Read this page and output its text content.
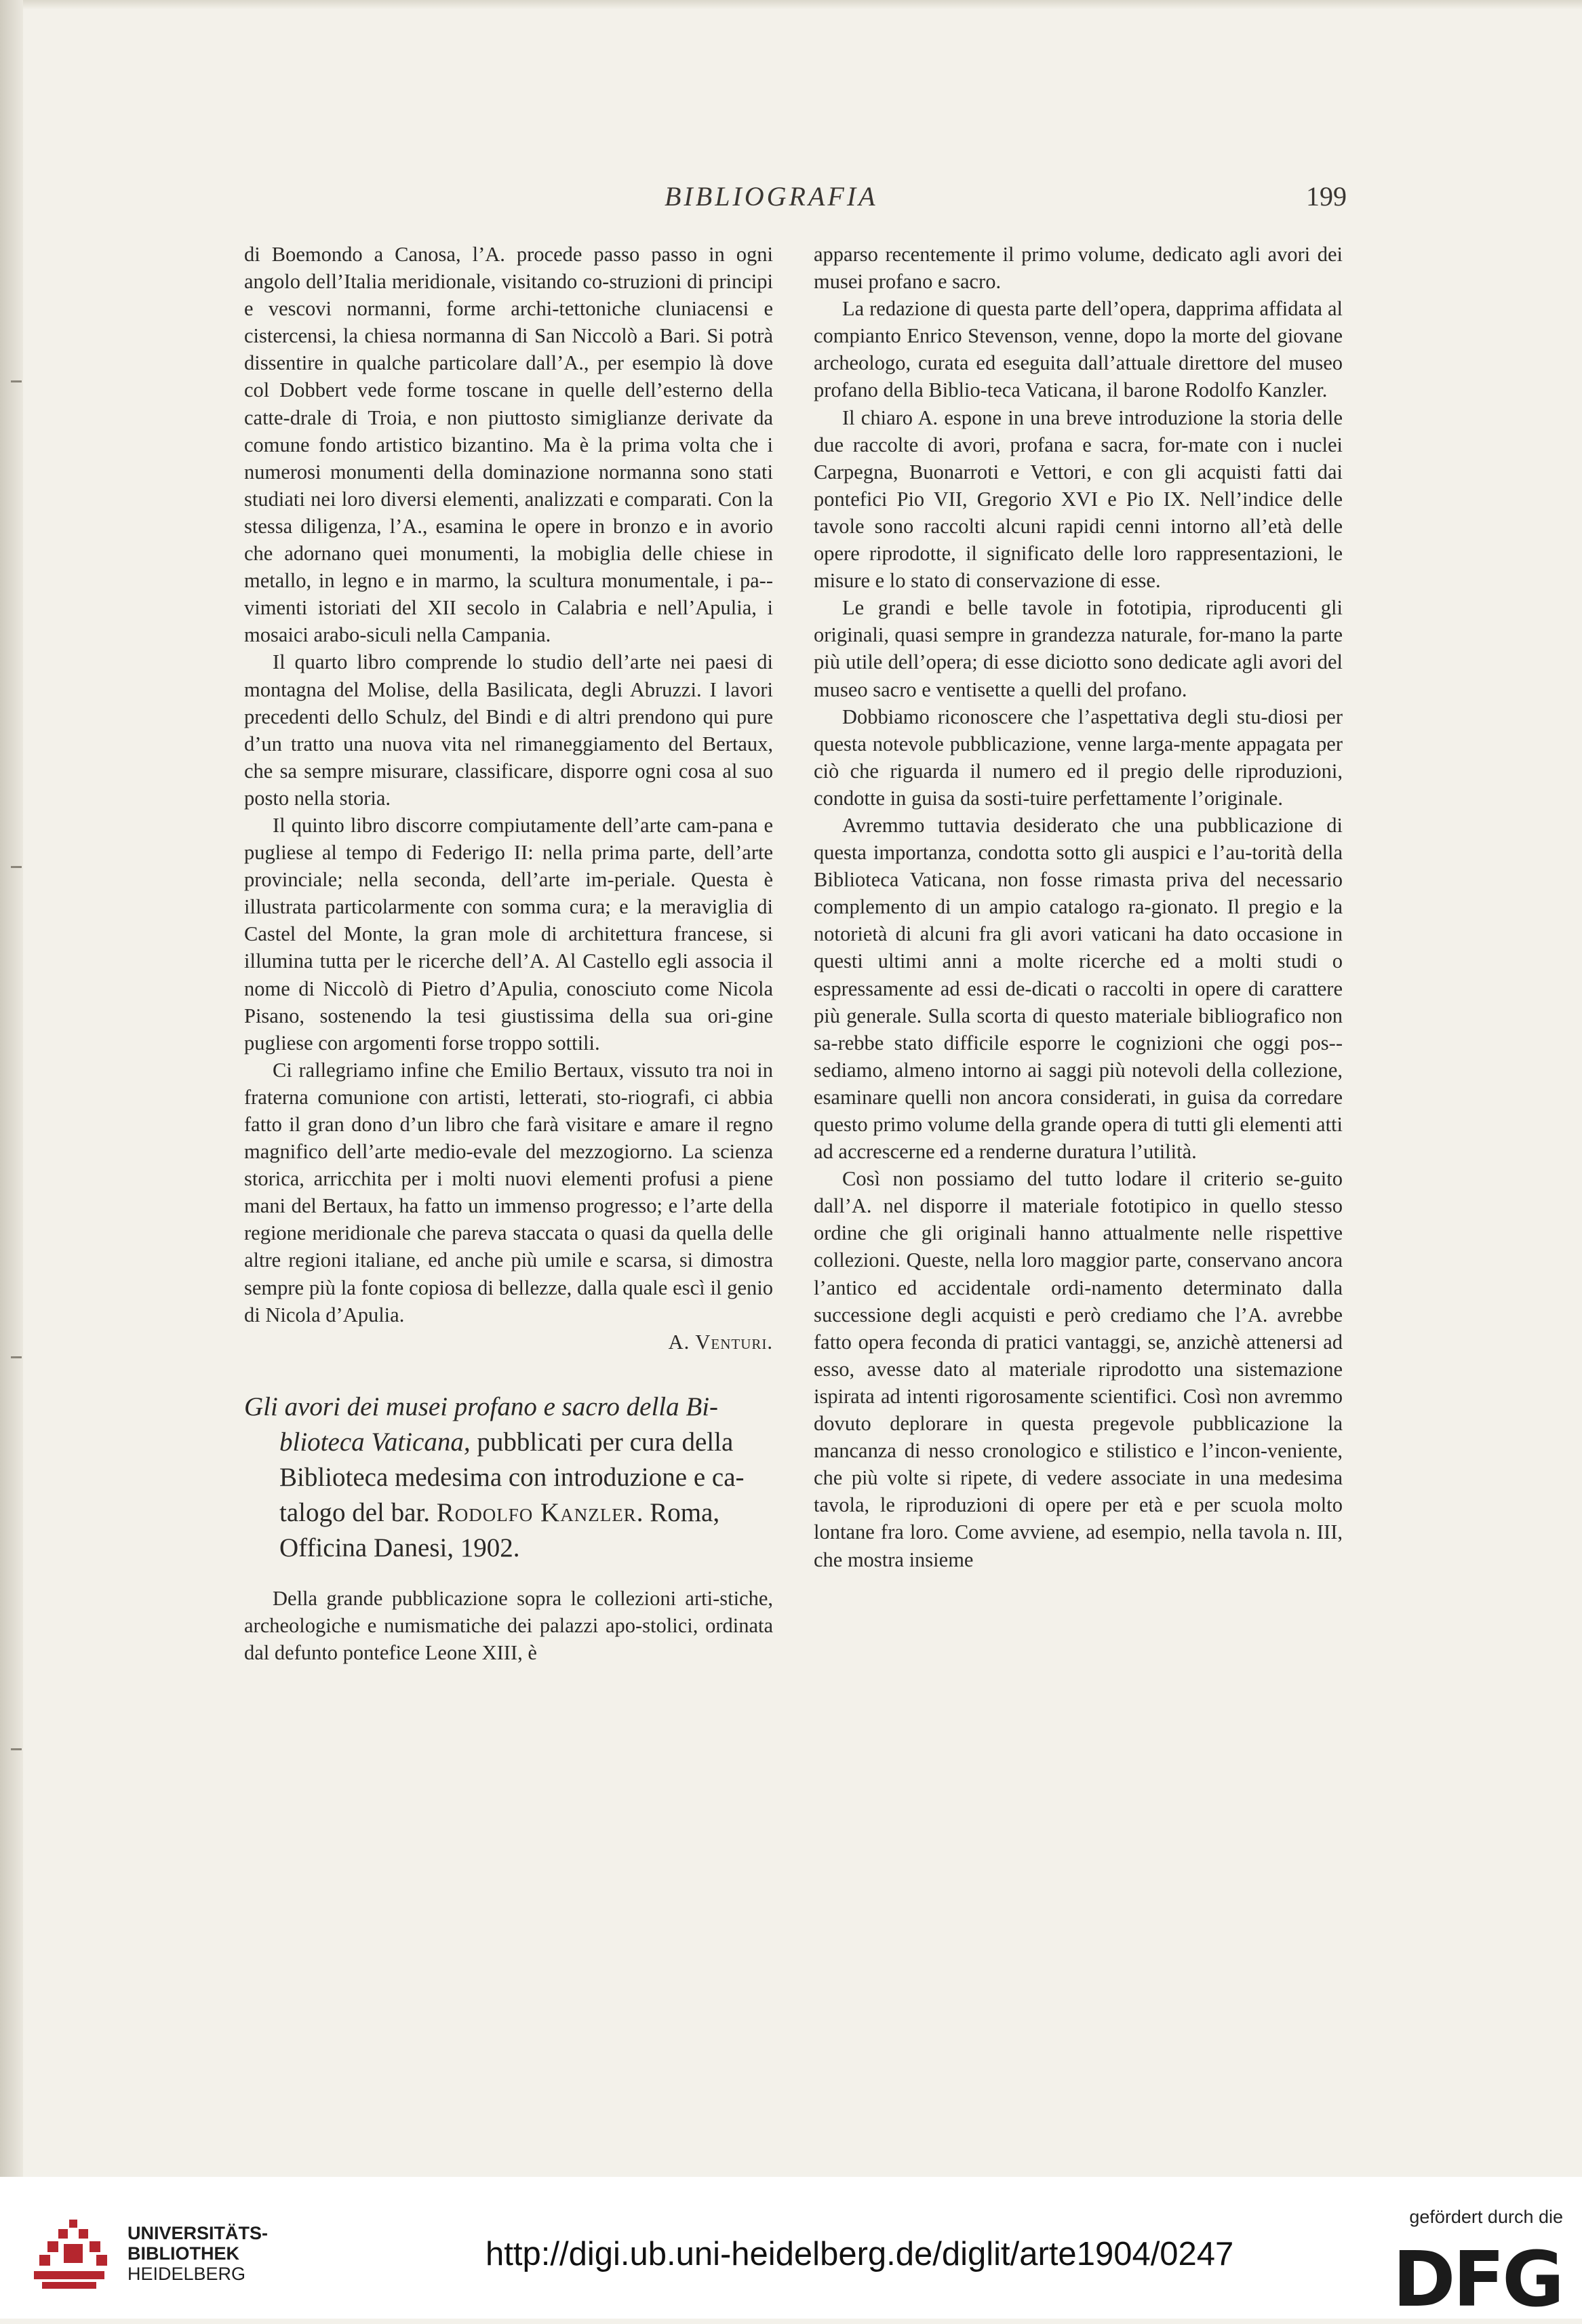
BIBLIOGRAFIA	199

di Boemondo a Canosa, l’A. procede passo passo in ogni angolo dell’Italia meridionale, visitando co-struzioni di principi e vescovi normanni, forme archi-tettoniche cluniacensi e cistercensi, la chiesa normanna di San Niccolò a Bari. Si potrà dissentire in qualche particolare dall’A., per esempio là dove col Dobbert vede forme toscane in quelle dell’esterno della catte-drale di Troia, e non piuttosto simiglianze derivate da comune fondo artistico bizantino. Ma è la prima volta che i numerosi monumenti della dominazione normanna sono stati studiati nei loro diversi elementi, analizzati e comparati. Con la stessa diligenza, l’A., esamina le opere in bronzo e in avorio che adornano quei monumenti, la mobiglia delle chiese in metallo, in legno e in marmo, la scultura monumentale, i pa-vimenti istoriati del XII secolo in Calabria e nell’Apulia, i mosaici arabo-siculi nella Campania.

Il quarto libro comprende lo studio dell’arte nei paesi di montagna del Molise, della Basilicata, degli Abruzzi. I lavori precedenti dello Schulz, del Bindi e di altri prendono qui pure d’un tratto una nuova vita nel rimaneggiamento del Bertaux, che sa sempre misurare, classificare, disporre ogni cosa al suo posto nella storia.

Il quinto libro discorre compiutamente dell’arte cam-pana e pugliese al tempo di Federigo II: nella prima parte, dell’arte provinciale; nella seconda, dell’arte im-periale. Questa è illustrata particolarmente con somma cura; e la meraviglia di Castel del Monte, la gran mole di architettura francese, si illumina tutta per le ricerche dell’A. Al Castello egli associa il nome di Niccolò di Pietro d’Apulia, conosciuto come Nicola Pisano, sostenendo la tesi giustissima della sua ori-gine pugliese con argomenti forse troppo sottili.

Ci rallegriamo infine che Emilio Bertaux, vissuto tra noi in fraterna comunione con artisti, letterati, sto-riografi, ci abbia fatto il gran dono d’un libro che farà visitare e amare il regno magnifico dell’arte medio-evale del mezzogiorno. La scienza storica, arricchita per i molti nuovi elementi profusi a piene mani del Bertaux, ha fatto un immenso progresso; e l’arte della regione meridionale che pareva staccata o quasi da quella delle altre regioni italiane, ed anche più umile e scarsa, si dimostra sempre più la fonte copiosa di bellezze, dalla quale escì il genio di Nicola d’Apulia.

A. Venturi.

Gli avori dei musei profano e sacro della Bi-
blioteca Vaticana, pubblicati per cura della
Biblioteca medesima con introduzione e ca-
talogo del bar. Rodolfo Kanzler. Roma,
Officina Danesi, 1902.

Della grande pubblicazione sopra le collezioni arti-stiche, archeologiche e numismatiche dei palazzi apo-stolici, ordinata dal defunto pontefice Leone XIII, è

apparso recentemente il primo volume, dedicato agli avori dei musei profano e sacro.

La redazione di questa parte dell’opera, dapprima affidata al compianto Enrico Stevenson, venne, dopo la morte del giovane archeologo, curata ed eseguita dall’attuale direttore del museo profano della Biblio-teca Vaticana, il barone Rodolfo Kanzler.

Il chiaro A. espone in una breve introduzione la storia delle due raccolte di avori, profana e sacra, for-mate con i nuclei Carpegna, Buonarroti e Vettori, e con gli acquisti fatti dai pontefici Pio VII, Gregorio XVI e Pio IX. Nell’indice delle tavole sono raccolti alcuni rapidi cenni intorno all’età delle opere riprodotte, il significato delle loro rappresentazioni, le misure e lo stato di conservazione di esse.

Le grandi e belle tavole in fototipia, riproducenti gli originali, quasi sempre in grandezza naturale, for-mano la parte più utile dell’opera; di esse diciotto sono dedicate agli avori del museo sacro e ventisette a quelli del profano.

Dobbiamo riconoscere che l’aspettativa degli stu-diosi per questa notevole pubblicazione, venne larga-mente appagata per ciò che riguarda il numero ed il pregio delle riproduzioni, condotte in guisa da sosti-tuire perfettamente l’originale.

Avremmo tuttavia desiderato che una pubblicazione di questa importanza, condotta sotto gli auspici e l’au-torità della Biblioteca Vaticana, non fosse rimasta priva del necessario complemento di un ampio catalogo ra-gionato. Il pregio e la notorietà di alcuni fra gli avori vaticani ha dato occasione in questi ultimi anni a molte ricerche ed a molti studi o espressamente ad essi de-dicati o raccolti in opere di carattere più generale. Sulla scorta di questo materiale bibliografico non sa-rebbe stato difficile esporre le cognizioni che oggi pos-sediamo, almeno intorno ai saggi più notevoli della collezione, esaminare quelli non ancora considerati, in guisa da corredare questo primo volume della grande opera di tutti gli elementi atti ad accrescerne ed a renderne duratura l’utilità.

Così non possiamo del tutto lodare il criterio se-guito dall’A. nel disporre il materiale fototipico in quello stesso ordine che gli originali hanno attualmente nelle rispettive collezioni. Queste, nella loro maggior parte, conservano ancora l’antico ed accidentale ordi-namento determinato dalla successione degli acquisti e però crediamo che l’A. avrebbe fatto opera feconda di pratici vantaggi, se, anzichè attenersi ad esso, avesse dato al materiale riprodotto una sistemazione ispirata ad intenti rigorosamente scientifici. Così non avremmo dovuto deplorare in questa pregevole pubblicazione la mancanza di nesso cronologico e stilistico e l’incon-veniente, che più volte si ripete, di vedere associate in una medesima tavola, le riproduzioni di opere per età e per scuola molto lontane fra loro. Come avviene, ad esempio, nella tavola n. III, che mostra insieme

UNIVERSITÄTS-
BIBLIOTHEK
HEIDELBERG
http://digi.ub.uni-heidelberg.de/diglit/arte1904/0247
gefördert durch die
DFG
